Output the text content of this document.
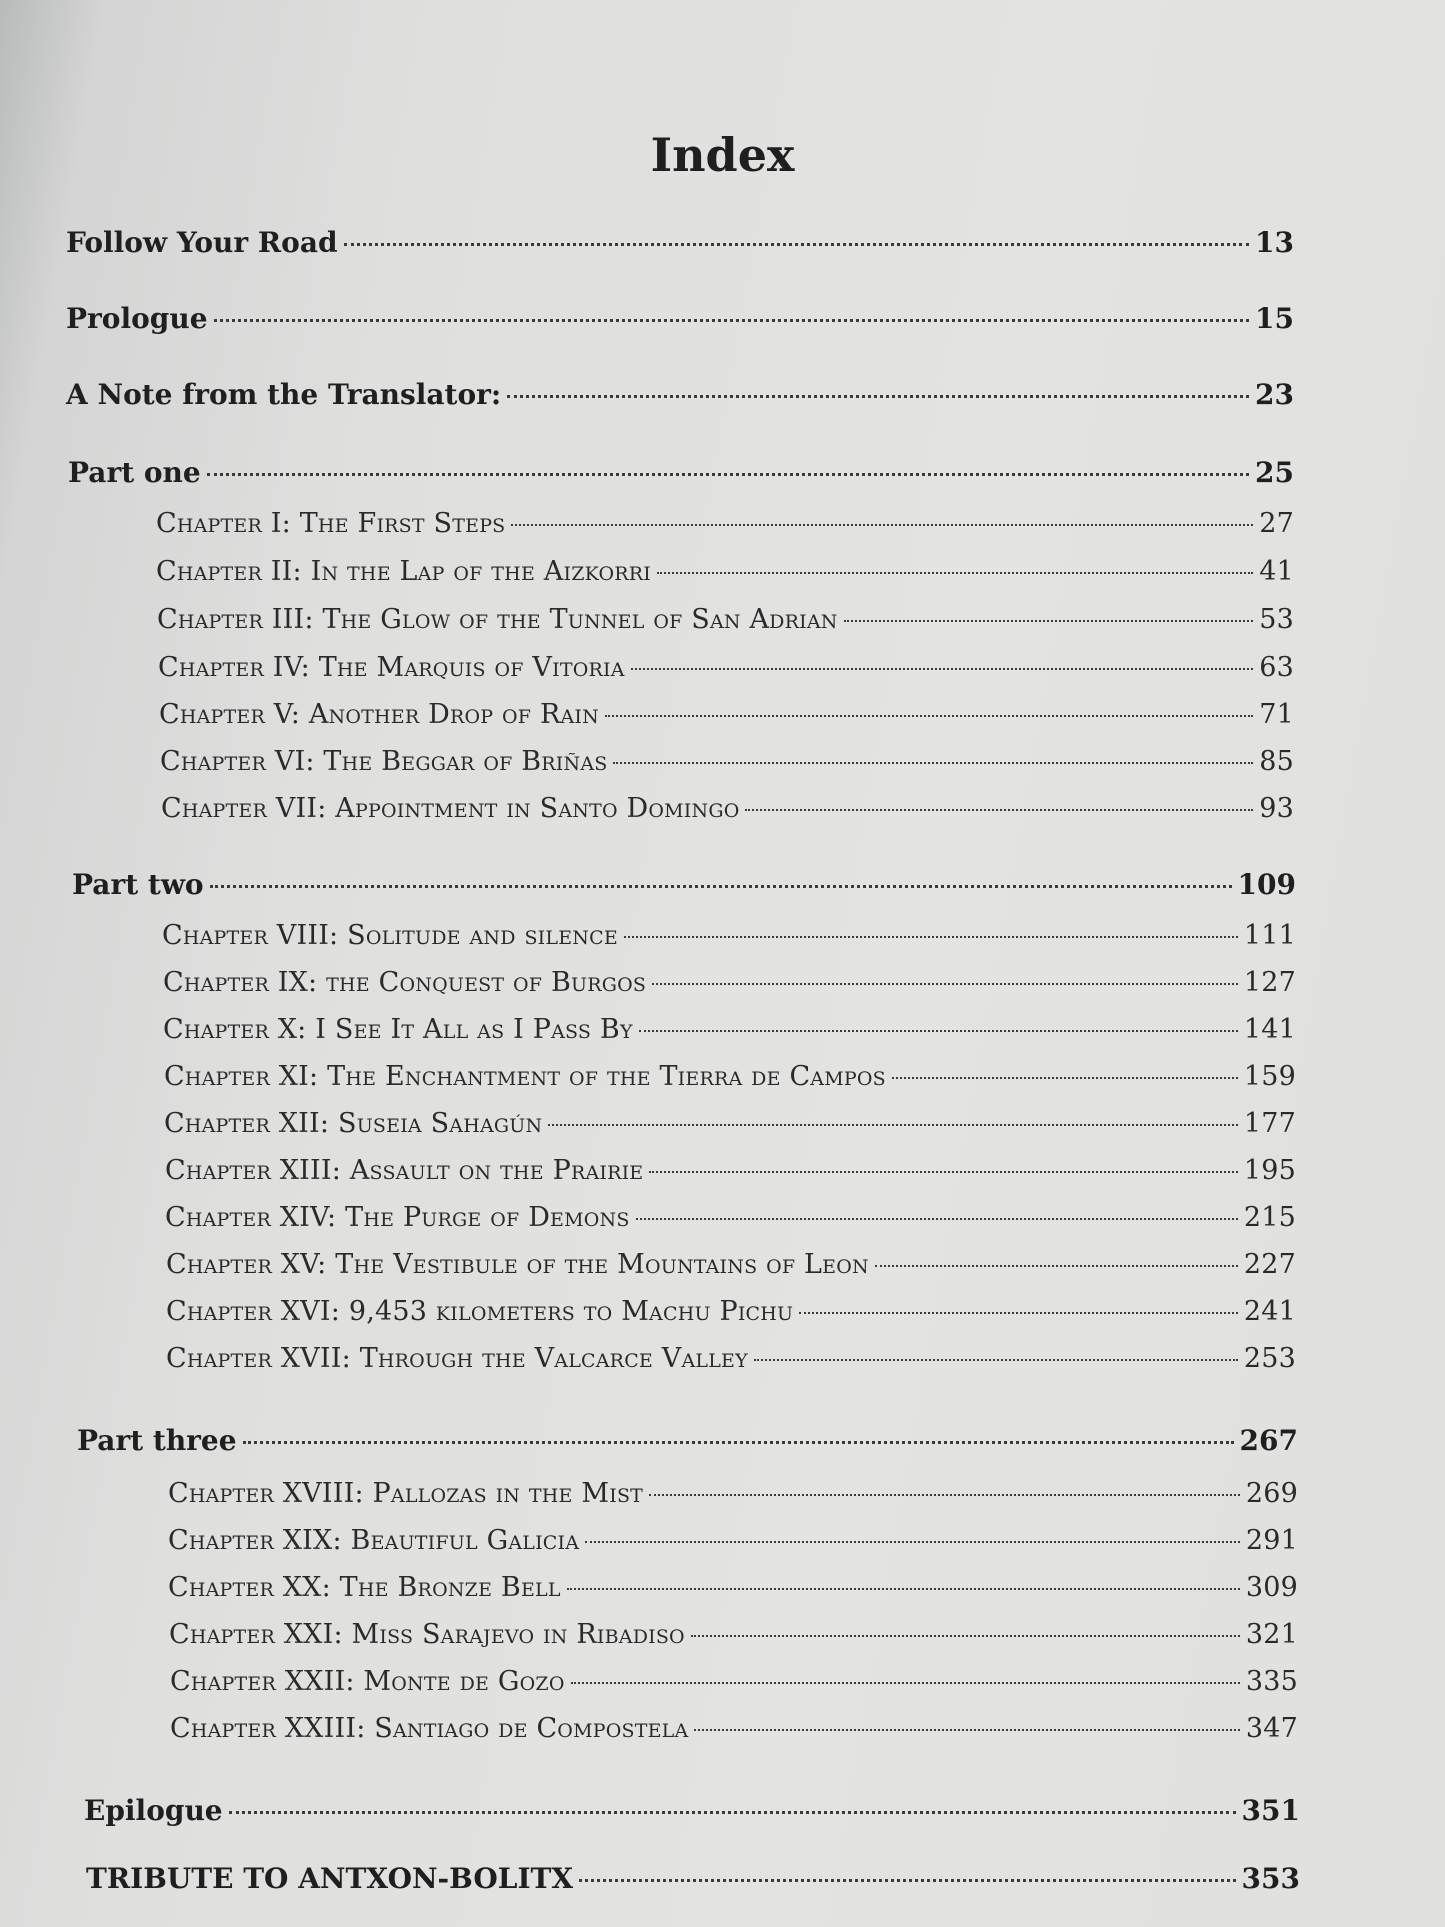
Index
Follow Your Road	13
Prologue	15
A Note from the Translator:	23
Part one	25
Chapter I: The First Steps	27
Chapter II: In the Lap of the Aizkorri	41
Chapter III: The Glow of the Tunnel of San Adrian	53
Chapter IV: The Marquis of Vitoria	63
Chapter V: Another Drop of Rain	71
Chapter VI: The Beggar of Briñas	85
Chapter VII: Appointment in Santo Domingo	93
Part two	109
Chapter VIII: Solitude and silence	111
Chapter IX: the Conquest of Burgos	127
Chapter X: I See It All as I Pass By	141
Chapter XI: The Enchantment of the Tierra de Campos	159
Chapter XII: Suseia Sahagún	177
Chapter XIII: Assault on the Prairie	195
Chapter XIV: The Purge of Demons	215
Chapter XV: The Vestibule of the Mountains of Leon	227
Chapter XVI: 9,453 kilometers to Machu Pichu	241
Chapter XVII: Through the Valcarce Valley	253
Part three	267
Chapter XVIII: Pallozas in the Mist	269
Chapter XIX: Beautiful Galicia	291
Chapter XX: The Bronze Bell	309
Chapter XXI: Miss Sarajevo in Ribadiso	321
Chapter XXII: Monte de Gozo	335
Chapter XXIII: Santiago de Compostela	347
Epilogue	351
TRIBUTE TO ANTXON-BOLITX	353
